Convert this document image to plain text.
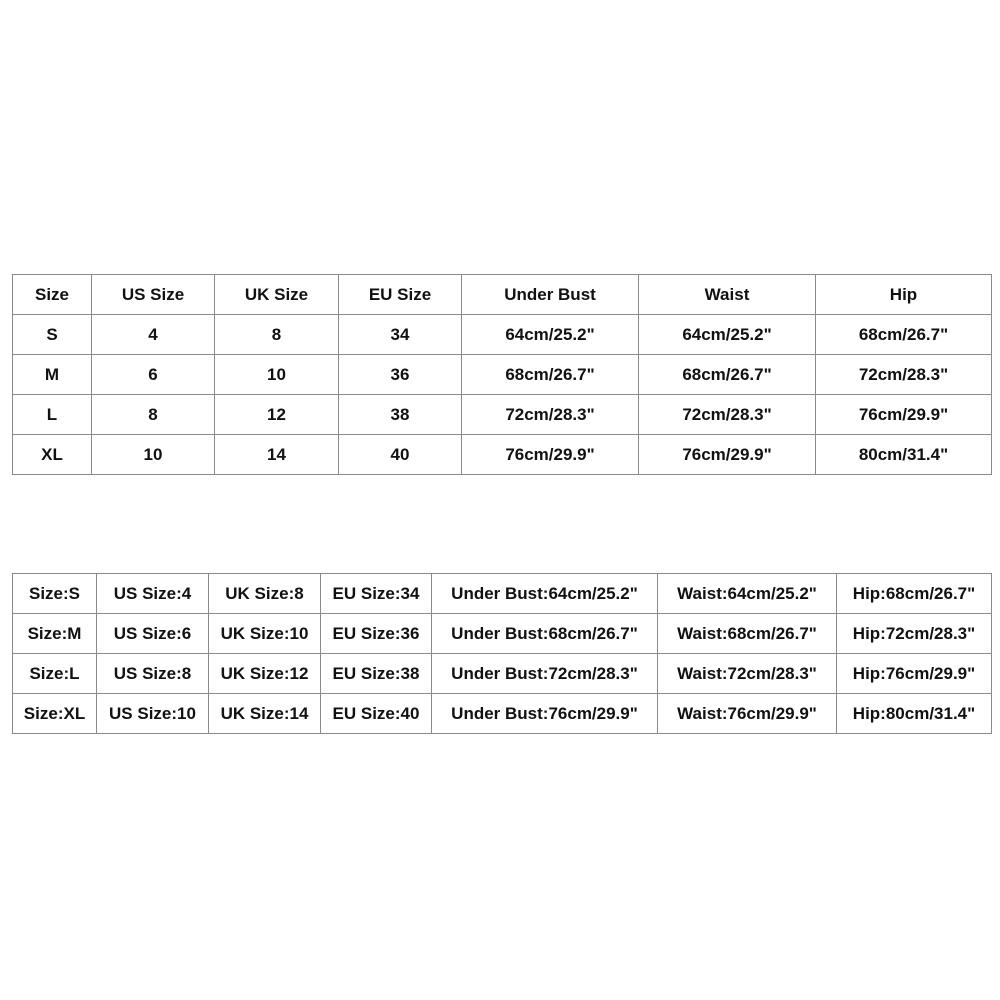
Size	US Size	UK Size	EU Size	Under Bust	Waist	Hip
S	4	8	34	64cm/25.2"	64cm/25.2"	68cm/26.7"
M	6	10	36	68cm/26.7"	68cm/26.7"	72cm/28.3"
L	8	12	38	72cm/28.3"	72cm/28.3"	76cm/29.9"
XL	10	14	40	76cm/29.9"	76cm/29.9"	80cm/31.4"
Size:S	US Size:4	UK Size:8	EU Size:34	Under Bust:64cm/25.2"	Waist:64cm/25.2"	Hip:68cm/26.7"
Size:M	US Size:6	UK Size:10	EU Size:36	Under Bust:68cm/26.7"	Waist:68cm/26.7"	Hip:72cm/28.3"
Size:L	US Size:8	UK Size:12	EU Size:38	Under Bust:72cm/28.3"	Waist:72cm/28.3"	Hip:76cm/29.9"
Size:XL	US Size:10	UK Size:14	EU Size:40	Under Bust:76cm/29.9"	Waist:76cm/29.9"	Hip:80cm/31.4"
